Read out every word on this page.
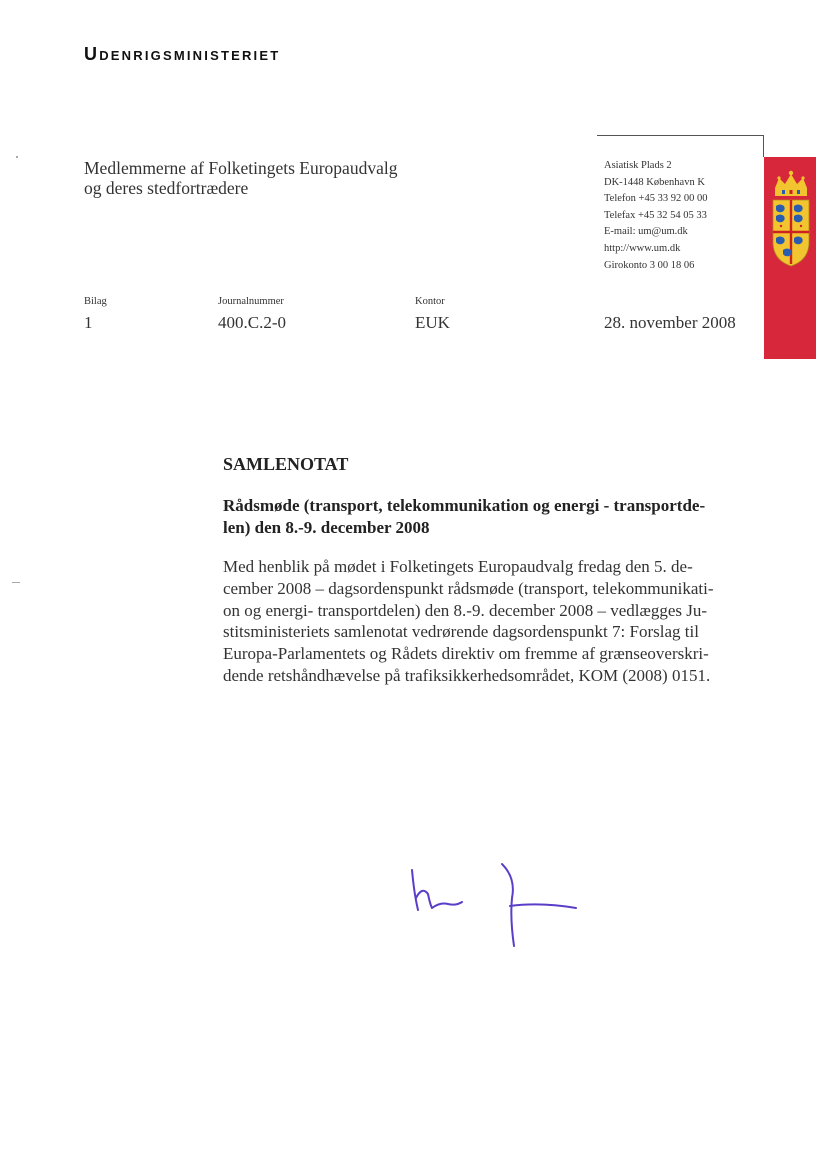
Udenrigsministeriet
Medlemmerne af Folketingets Europaudvalg
og deres stedfortrædere
Asiatisk Plads 2
DK-1448 København K
Telefon +45 33 92 00 00
Telefax +45 32 54 05 33
E-mail: um@um.dk
http://www.um.dk
Girokonto 3 00 18 06
Bilag
1
Journalnummer
400.C.2-0
Kontor
EUK	28. november 2008
SAMLENOTAT
Rådsmøde (transport, telekommunikation og energi - transportde-
len) den 8.-9. december 2008
Med henblik på mødet i Folketingets Europaudvalg fredag den 5. de-
cember 2008 – dagsordenspunkt rådsmøde (transport, telekommunikati-
on og energi- transportdelen) den 8.-9. december 2008 – vedlægges Ju-
stitsministeriets samlenotat vedrørende dagsordenspunkt 7: Forslag til
Europa-Parlamentets og Rådets direktiv om fremme af grænseoverskri-
dende retshåndhævelse på trafiksikkerhedsområdet, KOM (2008) 0151.
